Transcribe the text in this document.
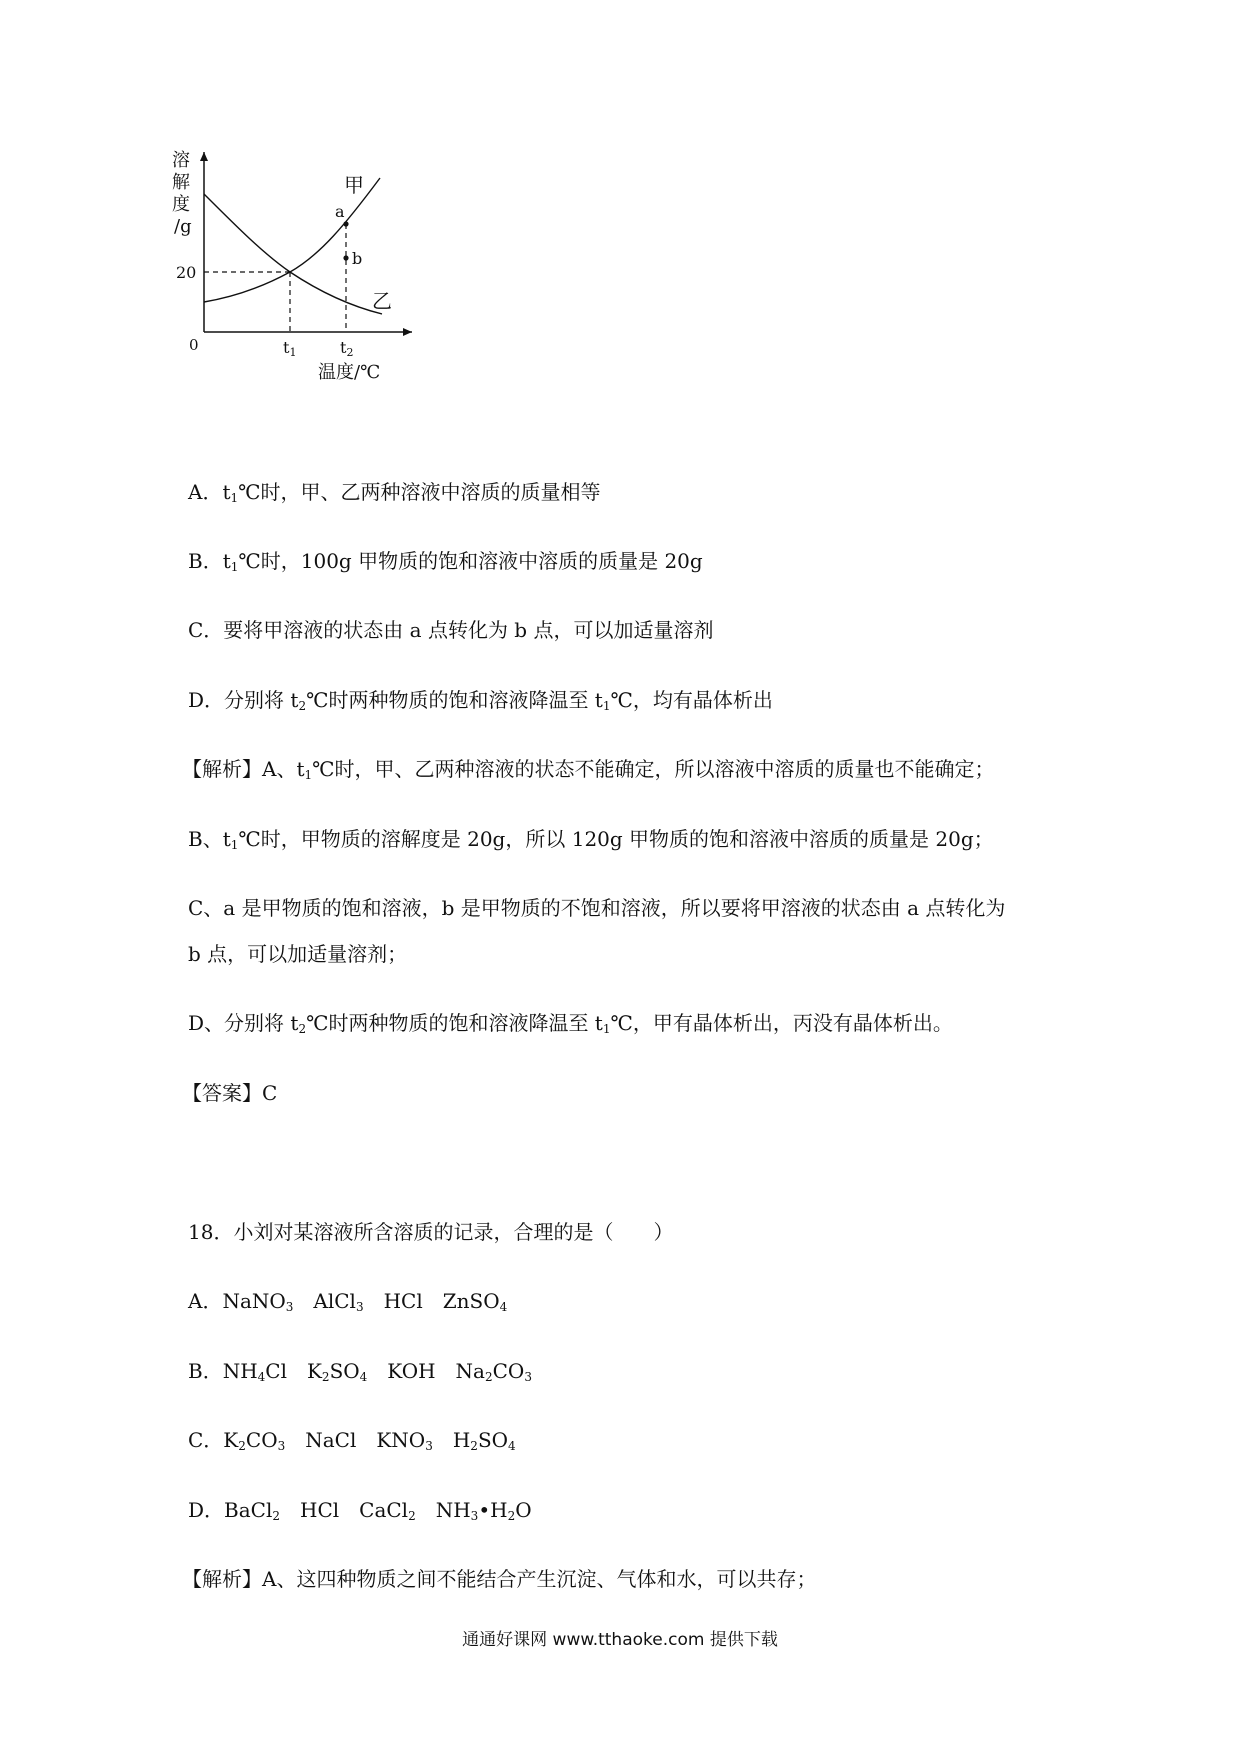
溶
解
度
/g
20
0	t1	t2
温度/℃
甲
乙
a
b

A．$t_1℃$时，甲、乙两种溶液中溶质的质量相等

B．$t_1℃$时，100g 甲物质的饱和溶液中溶质的质量是 20g

C．要将甲溶液的状态由 a 点转化为 b 点，可以加适量溶剂

D．分别将 $t_2℃$时两种物质的饱和溶液降温至 $t_1℃$，均有晶体析出

【解析】A、$t_1℃$时，甲、乙两种溶液的状态不能确定，所以溶液中溶质的质量也不能确定；

B、$t_1℃$时，甲物质的溶解度是 20g，所以 120g 甲物质的饱和溶液中溶质的质量是 20g；

C、a 是甲物质的饱和溶液，b 是甲物质的不饱和溶液，所以要将甲溶液的状态由 a 点转化为

b 点，可以加适量溶剂；

D、分别将 $t_2℃$时两种物质的饱和溶液降温至 $t_1℃$，甲有晶体析出，丙没有晶体析出。

【答案】C

18．小刘对某溶液所含溶质的记录，合理的是（　　）

A．NaNO$_3$　AlCl$_3$　HCl　ZnSO$_4$

B．$NH_4Cl$　$K_2SO_4$　KOH　$Na_2CO_3$

C．$K_2CO_3$　NaCl　$KNO_3$　$H_2SO_4$

D．BaCl$_2$　HCl　CaCl$_2$　$NH_3•H_2O$

【解析】A、这四种物质之间不能结合产生沉淀、气体和水，可以共存；

通通好课网 www.tthaoke.com 提供下载
